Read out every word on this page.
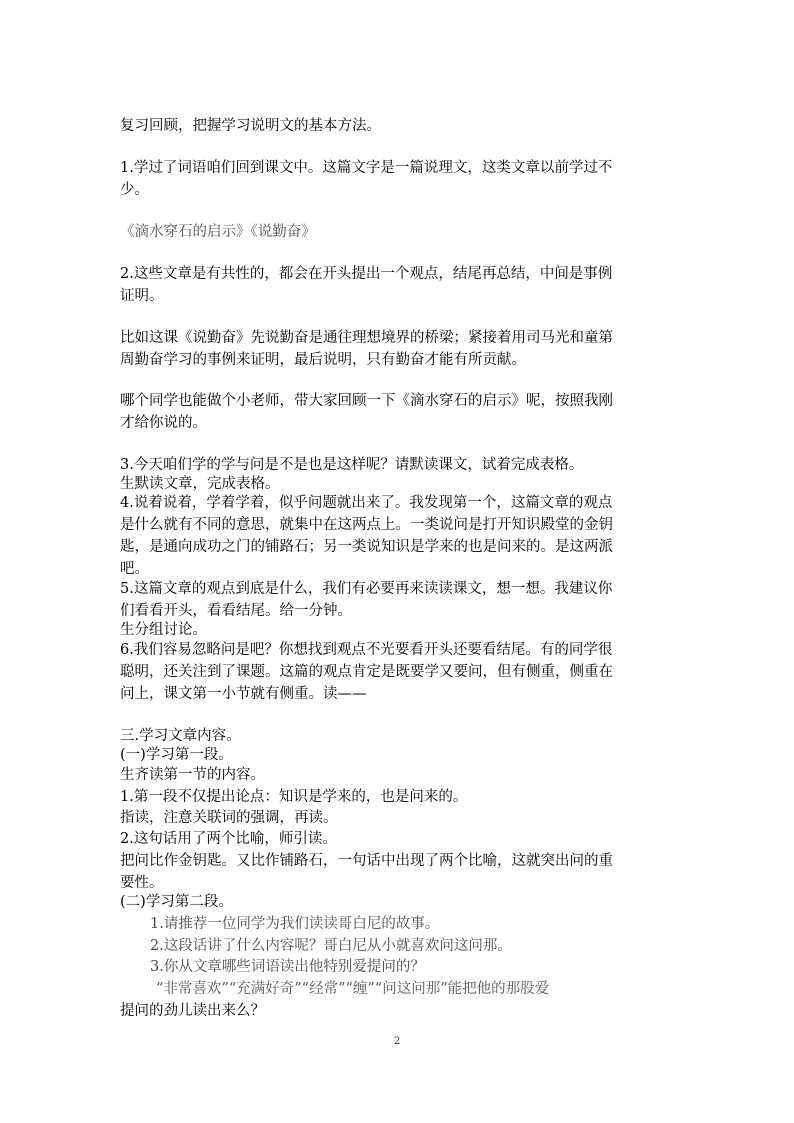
复习回顾，把握学习说明文的基本方法。
1.学过了词语咱们回到课文中。这篇文字是一篇说理文，这类文章以前学过不
少。
《滴水穿石的启示》《说勤奋》
2.这些文章是有共性的，都会在开头提出一个观点，结尾再总结，中间是事例
证明。
比如这课《说勤奋》先说勤奋是通往理想境界的桥梁；紧接着用司马光和童第
周勤奋学习的事例来证明，最后说明，只有勤奋才能有所贡献。
哪个同学也能做个小老师，带大家回顾一下《滴水穿石的启示》呢，按照我刚
才给你说的。
3.今天咱们学的学与问是不是也是这样呢？请默读课文，试着完成表格。
生默读文章，完成表格。
4.说着说着，学着学着，似乎问题就出来了。我发现第一个，这篇文章的观点
是什么就有不同的意思，就集中在这两点上。一类说问是打开知识殿堂的金钥
匙，是通向成功之门的铺路石；另一类说知识是学来的也是问来的。是这两派
吧。
5.这篇文章的观点到底是什么，我们有必要再来读读课文，想一想。我建议你
们看看开头，看看结尾。给一分钟。
生分组讨论。
6.我们容易忽略问是吧？你想找到观点不光要看开头还要看结尾。有的同学很
聪明，还关注到了课题。这篇的观点肯定是既要学又要问，但有侧重，侧重在
问上，课文第一小节就有侧重。读——
三.学习文章内容。
(一)学习第一段。
生齐读第一节的内容。
1.第一段不仅提出论点：知识是学来的，也是问来的。
指读，注意关联词的强调，再读。
2.这句话用了两个比喻，师引读。
把问比作金钥匙。又比作铺路石，一句话中出现了两个比喻，这就突出问的重
要性。
(二)学习第二段。
1.请推荐一位同学为我们读读哥白尼的故事。
2.这段话讲了什么内容呢？哥白尼从小就喜欢问这问那。
3.你从文章哪些词语读出他特别爱提问的？
“非常喜欢”“充满好奇”“经常”“缠”“问这问那”能把他的那股爱
提问的劲儿读出来么？
2
